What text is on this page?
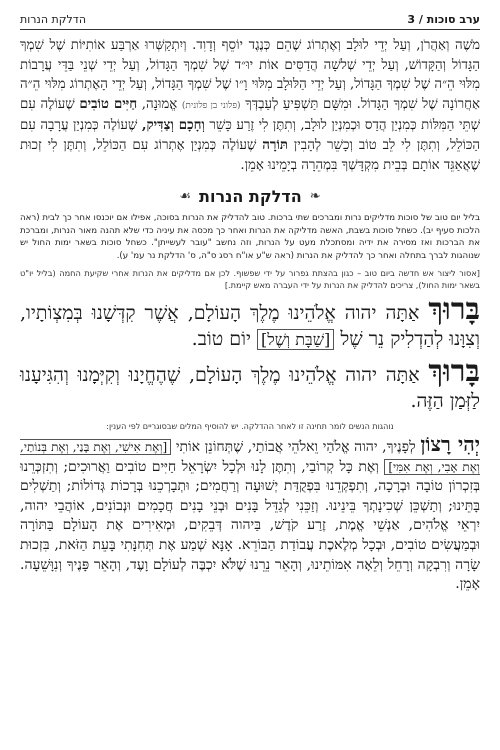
ערב סוכות / 3
הדלקת הנרות

מֹשֶׁה וְאַהֲרֹן, וְעַל יְדֵי לוּלָב וְאֶתְרוֹג שֶׁהֵם כְּנֶגֶד יוֹסֵף וְדָוִד. וְיִתְקַשְּׁרוּ אַרְבַּע אוֹתִיּוֹת שֶׁל שִׁמְךָ הַגָּדוֹל וְהַקָּדוֹשׁ, וְעַל יְדֵי שְׁלשָׁה הֲדַסִּים אוֹת יוּ״ד שֶׁל שִׁמְךָ הַגָּדוֹל, וְעַל יְדֵי שְׁנֵי בַּדֵּי עֲרָבוֹת מִלּוּי הֵ״ה שֶׁל שִׁמְךָ הַגָּדוֹל, וְעַל יְדֵי הַלּוּלָב מִלּוּי וָ״ו שֶׁל שִׁמְךָ הַגָּדוֹל, וְעַל יְדֵי הָאֶתְרוֹג מִלּוּי הֵ״ה אַחֲרוֹנָה שֶׁל שִׁמְךָ הַגָּדוֹל. וּמִשָּׁם תַּשְׁפִּיעַ לְעַבְדְּךָ (פלוני בן פלונית) אֱמוּנָה, חַיִּים טוֹבִים שֶׁעוֹלֶה עִם שְׁתֵּי הַמִּלּוֹת כְּמִנְיַן הֲדַס וּכְמִנְיַן לוּלָב, וְתִתֶּן לִי זֶרַע כָּשֵׁר וְחָכָם וְצַדִּיק, שֶׁעוֹלֶה כְּמִנְיַן עֲרָבָה עִם הַכּוֹלֵל, וְתִתֶּן לִי לֵב טוֹב וְכָשֵׁר לְהָבִין תּוֹרָה שֶׁעוֹלֶה כְּמִנְיַן אֶתְרוֹג עִם הַכּוֹלֵל, וְתִתֶּן לִי זְכוּת שֶׁאֲאַגֵּד אוֹתָם בְּבֵית מִקְדָּשְׁךָ בִּמְהֵרָה בְיָמֵינוּ אָמֵן.

❧
הדלקת הנרות
☙

בליל יום טוב של סוכות מדליקים נרות ומברכים שתי ברכות. טוב להדליק את הנרות בסוכה, אפילו אם יוכנסו אחר כך לבית (ראה הלכות סעיף יב). כשחל סוכות בשבת, האשה מדליקה את הנרות ואחר כך מכסה את עיניה כדי שלא תהנה מאור הנרות, ומברכת את הברכות ואז מסירה את ידיה ומסתכלת מעט על הנרות, וזה נחשב "עובר לעשייתן". כשחל סוכות בשאר ימות החול יש שנוהגות לברך בתחלה ואחר כך להדליק את הנרות (ראה ש"ע או"ח רסג ס"ה, ס' הדלקת נר עמ' ע).

[אסור ליצור אש חדשה ביום טוב – כגון בהצתת גפרור על ידי שפשוף. לכן אם מדליקים את הנרות אחרי שקיעת החמה (בליל יו"ט בשאר ימות החול), צריכים להדליק את הנרות על ידי העברה מאש קיימת.]

בָּרוּךְ אַתָּה יהוה אֱלֹהֵינוּ מֶלֶךְ הָעוֹלָם, אֲשֶׁר קִדְּשָׁנוּ בְּמִצְוֹתָיו, וְצִוָּנוּ לְהַדְלִיק נֵר שֶׁל [שַׁבָּת וְשֶׁל] יוֹם טוֹב.

בָּרוּךְ אַתָּה יהוה אֱלֹהֵינוּ מֶלֶךְ הָעוֹלָם, שֶׁהֶחֱיָנוּ וְקִיְּמָנוּ וְהִגִּיעָנוּ לַזְּמַן הַזֶּה.

נוהגות הנשים לומר תחינה זו לאחר ההדלקה. יש להוסיף המלים שבסוגריים לפי הענין:

יְהִי רָצוֹן לְפָנֶיךָ, יהוה אֱלֹהַי וֵאלֹהֵי אֲבוֹתַי, שֶׁתְּחוֹנֵן אוֹתִי [וְאֶת אִישִׁי, וְאֶת בָּנַי, וְאֶת בְּנוֹתַי, וְאֶת אָבִי, וְאֶת אִמִּי] וְאֶת כָּל קְרוֹבַי, וְתִתֶּן לָנוּ וּלְכָל יִשְׂרָאֵל חַיִּים טוֹבִים וַאֲרוּכִים; וְתִזְכְּרֵנוּ בְּזִכְרוֹן טוֹבָה וּבְרָכָה, וְתִפְקְדֵנוּ בִּפְקֻדַּת יְשׁוּעָה וְרַחֲמִים; וּתְבָרְכֵנוּ בְּרָכוֹת גְּדוֹלוֹת; וְתַשְׁלִים בָּתֵּינוּ; וְתַשְׁכֵּן שְׁכִינָתְךָ בֵּינֵינוּ. וְזַכֵּנִי לְגַדֵּל בָּנִים וּבְנֵי בָנִים חֲכָמִים וּנְבוֹנִים, אוֹהֲבֵי יהוה, יִרְאֵי אֱלֹהִים, אַנְשֵׁי אֱמֶת, זֶרַע קֹדֶשׁ, בַּיהוה דְּבֵקִים, וּמְאִירִים אֶת הָעוֹלָם בַּתּוֹרָה וּבְמַעֲשִׂים טוֹבִים, וּבְכָל מְלֶאכֶת עֲבוֹדַת הַבּוֹרֵא. אָנָּא שְׁמַע אֶת תְּחִנָּתִי בָּעֵת הַזֹּאת, בִּזְכוּת שָׂרָה וְרִבְקָה וְרָחֵל וְלֵאָה אִמּוֹתֵינוּ, וְהָאֵר נֵרֵנוּ שֶׁלֹּא יִכְבֶּה לְעוֹלָם וָעֶד, וְהָאֵר פָּנֶיךָ וְנִוָּשֵׁעָה. אָמֵן.
